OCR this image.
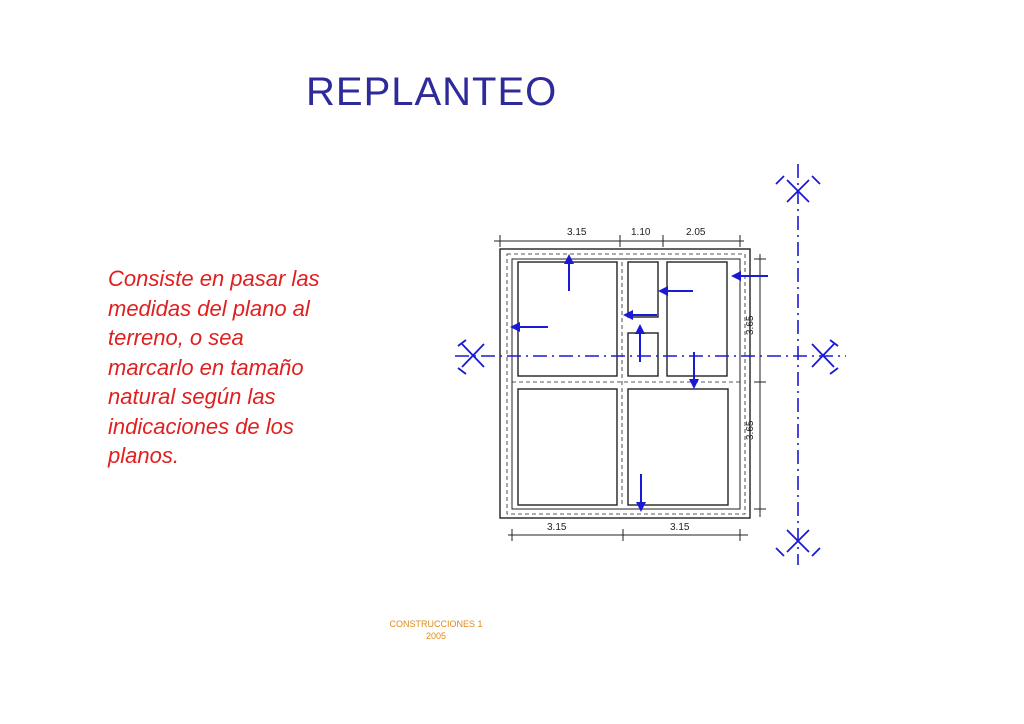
REPLANTEO
Consiste en pasar las
medidas del plano al
terreno, o sea
marcarlo en tamaño
natural según las
indicaciones de los
planos.
3.15	1.10	2.05
3.15	3.15
3.65
3.65
CONSTRUCCIONES 1
2005
